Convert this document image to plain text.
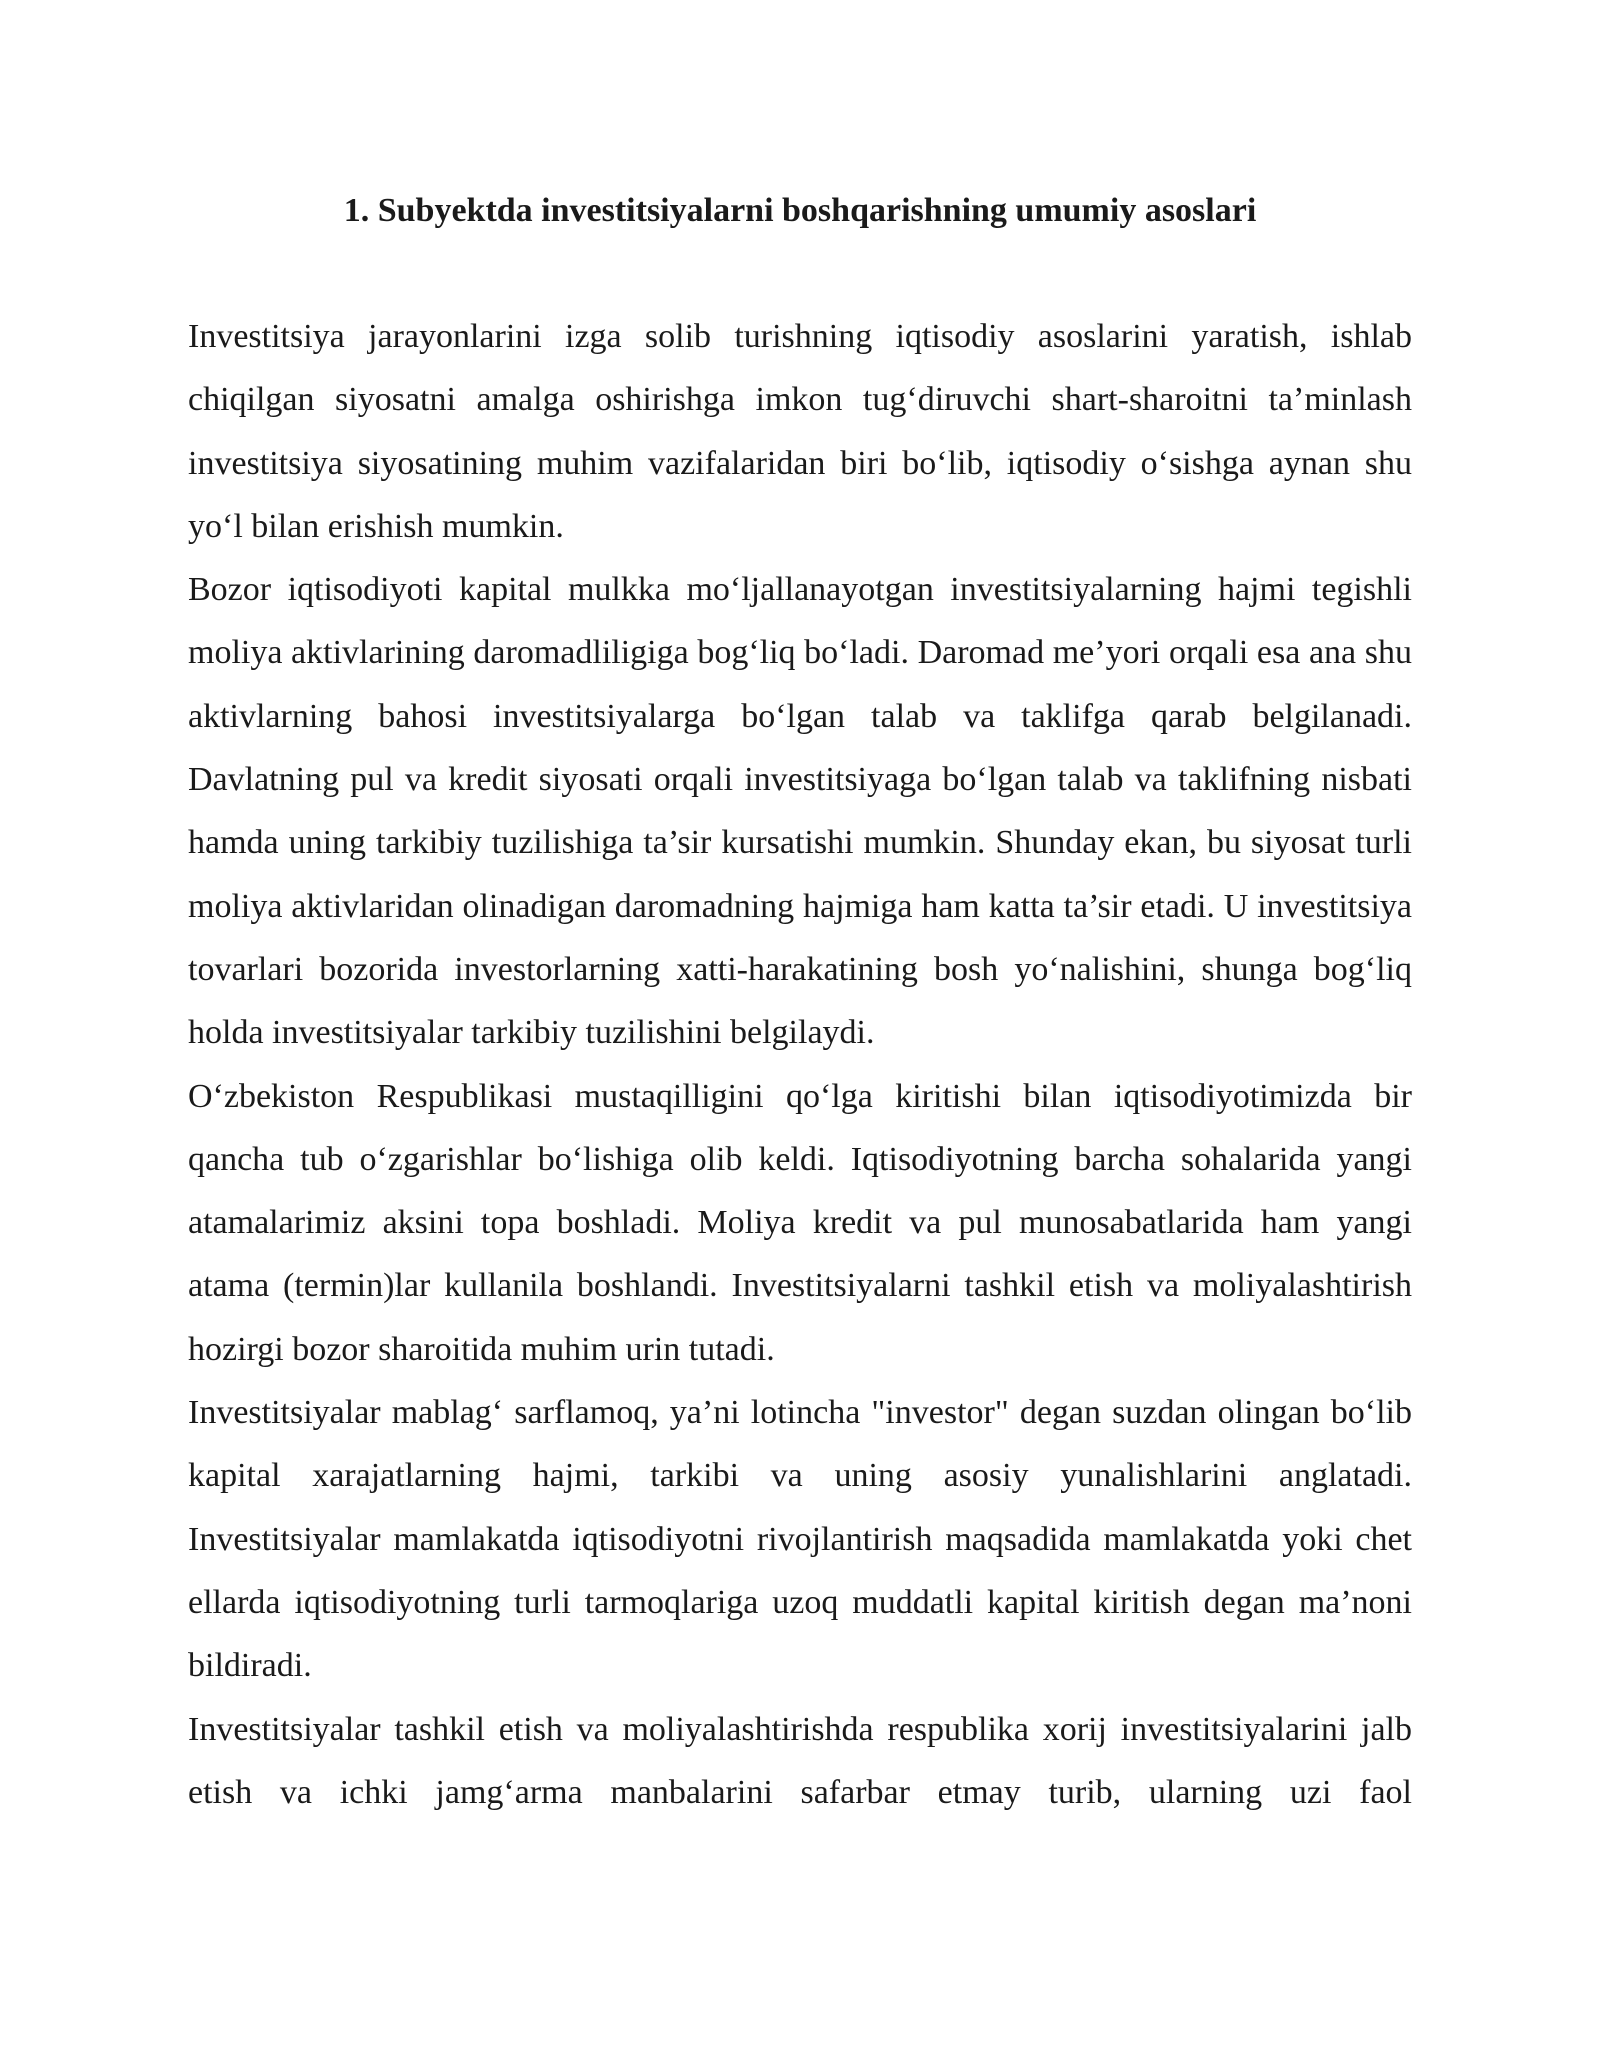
1. Subyektda investitsiyalarni boshqarishning umumiy asoslari

Investitsiya jarayonlarini izga solib turishning iqtisodiy asoslarini yaratish, ishlab chiqilgan siyosatni amalga oshirishga imkon tug‘diruvchi shart-sharoitni ta’minlash investitsiya siyosatining muhim vazifalaridan biri bo‘lib, iqtisodiy o‘sishga aynan shu yo‘l bilan erishish mumkin.

Bozor iqtisodiyoti kapital mulkka mo‘ljallanayotgan investitsiyalarning hajmi tegishli moliya aktivlarining daromadliligiga bog‘liq bo‘ladi. Daromad me’yori orqali esa ana shu aktivlarning bahosi investitsiyalarga bo‘lgan talab va taklifga qarab belgilanadi. Davlatning pul va kredit siyosati orqali investitsiyaga bo‘lgan talab va taklifning nisbati hamda uning tarkibiy tuzilishiga ta’sir kursatishi mumkin. Shunday ekan, bu siyosat turli moliya aktivlaridan olinadigan daromadning hajmiga ham katta ta’sir etadi. U investitsiya tovarlari bozorida investorlarning xatti-harakatining bosh yo‘nalishini, shunga bog‘liq holda investitsiyalar tarkibiy tuzilishini belgilaydi.

O‘zbekiston Respublikasi mustaqilligini qo‘lga kiritishi bilan iqtisodiyotimizda bir qancha tub o‘zgarishlar bo‘lishiga olib keldi. Iqtisodiyotning barcha sohalarida yangi atamalarimiz aksini topa boshladi. Moliya kredit va pul munosabatlarida ham yangi atama (termin)lar kullanila boshlandi. Investitsiyalarni tashkil etish va moliyalashtirish hozirgi bozor sharoitida muhim urin tutadi.

Investitsiyalar mablag‘ sarflamoq, ya’ni lotincha "investor" degan suzdan olingan bo‘lib kapital xarajatlarning hajmi, tarkibi va uning asosiy yunalishlarini anglatadi. Investitsiyalar mamlakatda iqtisodiyotni rivojlantirish maqsadida mamlakatda yoki chet ellarda iqtisodiyotning turli tarmoqlariga uzoq muddatli kapital kiritish degan ma’noni bildiradi.

Investitsiyalar tashkil etish va moliyalashtirishda respublika xorij investitsiyalarini jalb etish va ichki jamg‘arma manbalarini safarbar etmay turib, ularning uzi faol
